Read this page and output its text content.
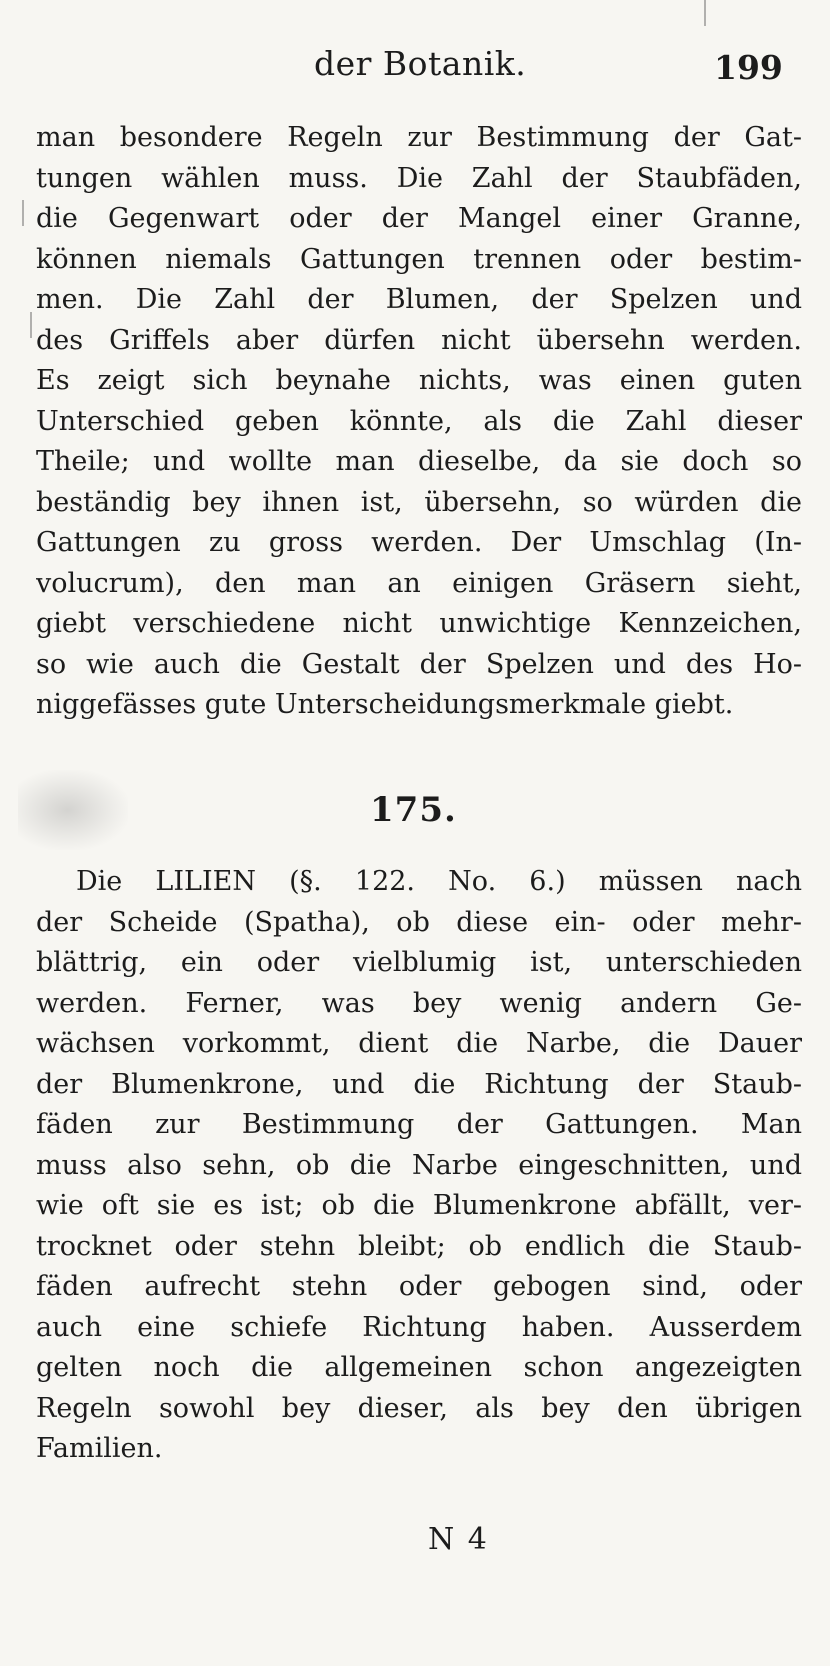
der Botanik.	199
man besondere Regeln zur Bestimmung der Gat-
tungen wählen muss. Die Zahl der Staubfäden,
die Gegenwart oder der Mangel einer Granne,
können niemals Gattungen trennen oder bestim-
men. Die Zahl der Blumen, der Spelzen und
des Griffels aber dürfen nicht übersehn werden.
Es zeigt sich beynahe nichts, was einen guten
Unterschied geben könnte, als die Zahl dieser
Theile; und wollte man dieselbe, da sie doch so
beständig bey ihnen ist, übersehn, so würden die
Gattungen zu gross werden. Der Umschlag (In-
volucrum), den man an einigen Gräsern sieht,
giebt verschiedene nicht unwichtige Kennzeichen,
so wie auch die Gestalt der Spelzen und des Ho-
niggefässes gute Unterscheidungsmerkmale giebt.
175.
Die LILIEN (§. 122. No. 6.) müssen nach
der Scheide (Spatha), ob diese ein- oder mehr-
blättrig, ein oder vielblumig ist, unterschieden
werden. Ferner, was bey wenig andern Ge-
wächsen vorkommt, dient die Narbe, die Dauer
der Blumenkrone, und die Richtung der Staub-
fäden zur Bestimmung der Gattungen. Man
muss also sehn, ob die Narbe eingeschnitten, und
wie oft sie es ist; ob die Blumenkrone abfällt, ver-
trocknet oder stehn bleibt; ob endlich die Staub-
fäden aufrecht stehn oder gebogen sind, oder
auch eine schiefe Richtung haben. Ausserdem
gelten noch die allgemeinen schon angezeigten
Regeln sowohl bey dieser, als bey den übrigen
Familien.
N 4
